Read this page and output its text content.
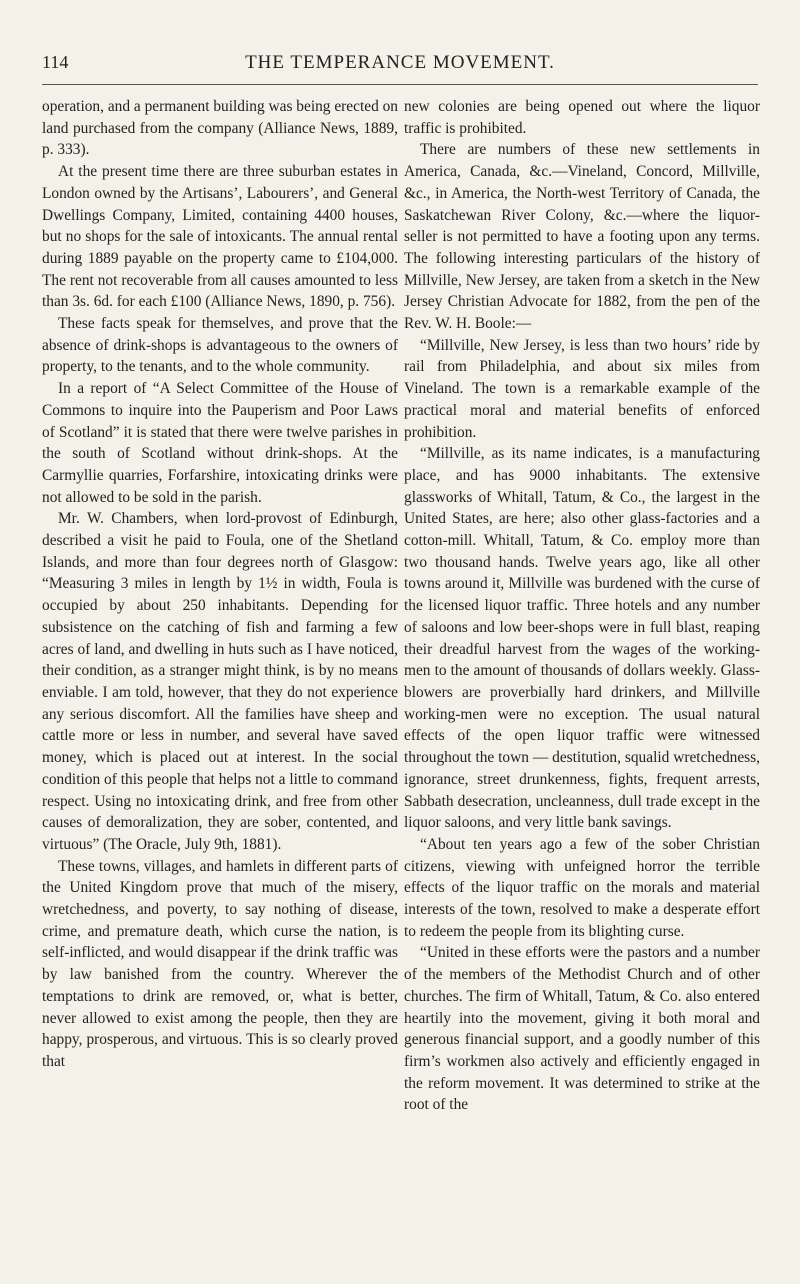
114	THE TEMPERANCE MOVEMENT.

operation, and a permanent building was being erected on land purchased from the company (Alliance News, 1889, p. 333).

At the present time there are three suburban estates in London owned by the Artisans’, Labourers’, and General Dwellings Company, Limited, containing 4400 houses, but no shops for the sale of intoxicants. The annual rental during 1889 payable on the property came to £104,000. The rent not recoverable from all causes amounted to less than 3s. 6d. for each £100 (Alliance News, 1890, p. 756).

These facts speak for themselves, and prove that the absence of drink-shops is advantageous to the owners of property, to the tenants, and to the whole community.

In a report of “A Select Committee of the House of Commons to inquire into the Pauperism and Poor Laws of Scotland” it is stated that there were twelve parishes in the south of Scotland without drink-shops. At the Carmyllie quarries, Forfarshire, intoxicating drinks were not allowed to be sold in the parish.

Mr. W. Chambers, when lord-provost of Edinburgh, described a visit he paid to Foula, one of the Shetland Islands, and more than four degrees north of Glasgow: “Measuring 3 miles in length by 1½ in width, Foula is occupied by about 250 inhabitants. Depending for subsistence on the catching of fish and farming a few acres of land, and dwelling in huts such as I have noticed, their condition, as a stranger might think, is by no means enviable. I am told, however, that they do not experience any serious discomfort. All the families have sheep and cattle more or less in number, and several have saved money, which is placed out at interest. In the social condition of this people that helps not a little to command respect. Using no intoxicating drink, and free from other causes of demoralization, they are sober, contented, and virtuous” (The Oracle, July 9th, 1881).

These towns, villages, and hamlets in different parts of the United Kingdom prove that much of the misery, wretchedness, and poverty, to say nothing of disease, crime, and premature death, which curse the nation, is self-inflicted, and would disappear if the drink traffic was by law banished from the country. Wherever the temptations to drink are removed, or, what is better, never allowed to exist among the people, then they are happy, prosperous, and virtuous. This is so clearly proved that

new colonies are being opened out where the liquor traffic is prohibited.

There are numbers of these new settlements in America, Canada, &c.—Vineland, Concord, Millville, &c., in America, the North-west Territory of Canada, the Saskatchewan River Colony, &c.—where the liquor-seller is not permitted to have a footing upon any terms. The following interesting particulars of the history of Millville, New Jersey, are taken from a sketch in the New Jersey Christian Advocate for 1882, from the pen of the Rev. W. H. Boole:—

“Millville, New Jersey, is less than two hours’ ride by rail from Philadelphia, and about six miles from Vineland. The town is a remarkable example of the practical moral and material benefits of enforced prohibition.

“Millville, as its name indicates, is a manufacturing place, and has 9000 inhabitants. The extensive glassworks of Whitall, Tatum, & Co., the largest in the United States, are here; also other glass-factories and a cotton-mill. Whitall, Tatum, & Co. employ more than two thousand hands. Twelve years ago, like all other towns around it, Millville was burdened with the curse of the licensed liquor traffic. Three hotels and any number of saloons and low beer-shops were in full blast, reaping their dreadful harvest from the wages of the working-men to the amount of thousands of dollars weekly. Glass-blowers are proverbially hard drinkers, and Millville working-men were no exception. The usual natural effects of the open liquor traffic were witnessed throughout the town — destitution, squalid wretchedness, ignorance, street drunkenness, fights, frequent arrests, Sabbath desecration, uncleanness, dull trade except in the liquor saloons, and very little bank savings.

“About ten years ago a few of the sober Christian citizens, viewing with unfeigned horror the terrible effects of the liquor traffic on the morals and material interests of the town, resolved to make a desperate effort to redeem the people from its blighting curse.

“United in these efforts were the pastors and a number of the members of the Methodist Church and of other churches. The firm of Whitall, Tatum, & Co. also entered heartily into the movement, giving it both moral and generous financial support, and a goodly number of this firm’s workmen also actively and efficiently engaged in the reform movement. It was determined to strike at the root of the
